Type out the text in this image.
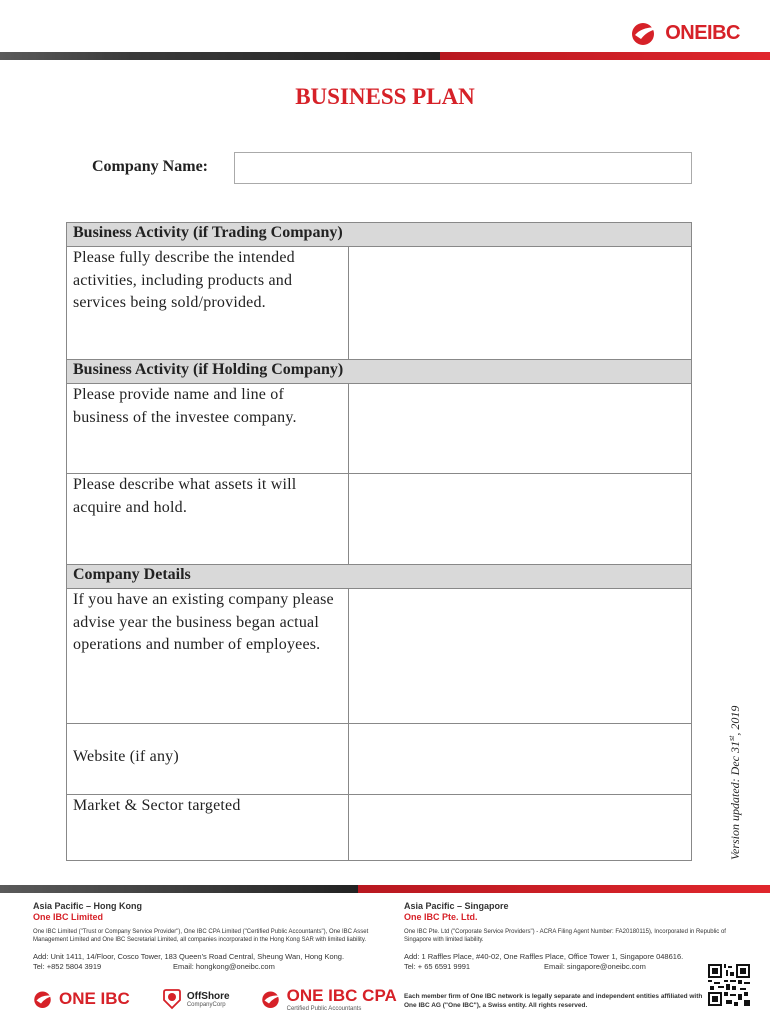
ONEIBC
BUSINESS PLAN
Company Name:
Business Activity (if Trading Company)
Please fully describe the intended activities, including products and services being sold/provided.
Business Activity (if Holding Company)
Please provide name and line of business of the investee company.
Please describe what assets it will acquire and hold.
Company Details
If you have an existing company please advise year the business began actual operations and number of employees.
Website (if any)
Market & Sector targeted	Version updated: Dec 31st, 2019
Asia Pacific – Hong Kong
One IBC Limited
One IBC Limited ("Trust or Company Service Provider"), One IBC CPA Limited ("Certified Public Accountants"), One IBC Asset Management Limited and One IBC Secretarial Limited, all companies incorporated in the Hong Kong SAR with limited liability.
Add: Unit 1411, 14/Floor, Cosco Tower, 183 Queen's Road Central, Sheung Wan, Hong Kong.
Tel: +852 5804 3919	Email: hongkong@oneibc.com
Asia Pacific – Singapore
One IBC Pte. Ltd.
One IBC Pte. Ltd ("Corporate Service Providers") - ACRA Filing Agent Number: FA20180115), Incorporated in Republic of Singapore with limited liability.
Add: 1 Raffles Place, #40-02, One Raffles Place, Office Tower 1, Singapore 048616.
Tel: + 65 6591 9991	Email: singapore@oneibc.com
Each member firm of One IBC network is legally separate and independent entities affiliated with One IBC AG ("One IBC"), a Swiss entity. All rights reserved.
ONE IBC	OffShore
CompanyCorp	ONE IBC CPA
Certified Public Accountants
